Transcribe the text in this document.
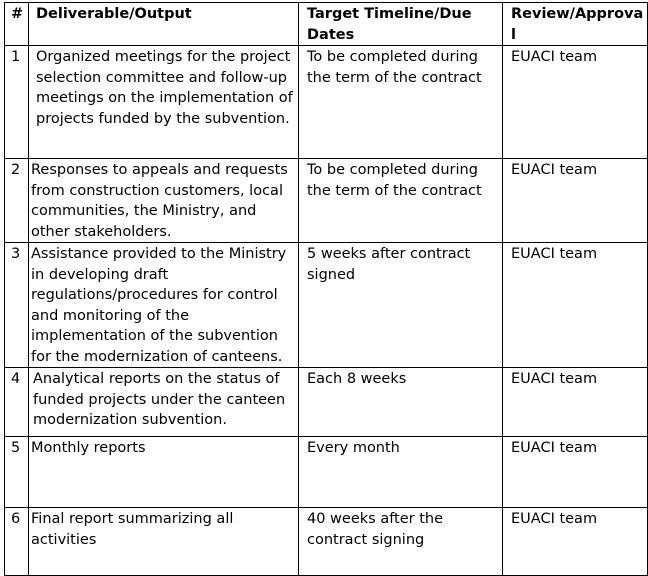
#	Deliverable/Output	Target Timeline/Due Dates	Review/Approval
1	Organized meetings for the project selection committee and follow-up meetings on the implementation of projects funded by the subvention.	To be completed during the term of the contract	EUACI team
2	Responses to appeals and requests from construction customers, local communities, the Ministry, and other stakeholders.	To be completed during the term of the contract	EUACI team
3	Assistance provided to the Ministry in developing draft regulations/procedures for control and monitoring of the implementation of the subvention for the modernization of canteens.	5 weeks after contract signed	EUACI team
4	Analytical reports on the status of funded projects under the canteen modernization subvention.	Each 8 weeks	EUACI team
5	Monthly reports	Every month	EUACI team
6	Final report summarizing all activities	40 weeks after the contract signing	EUACI team
